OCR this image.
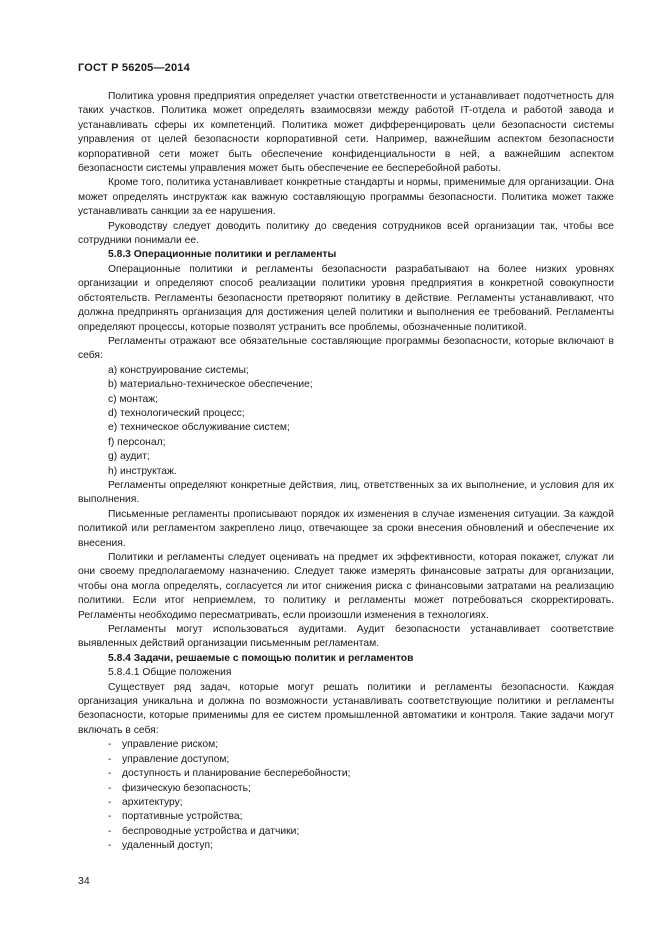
ГОСТ Р 56205—2014

Политика уровня предприятия определяет участки ответственности и устанавливает подотчетность для таких участков. Политика может определять взаимосвязи между работой IT-отдела и работой завода и устанавливать сферы их компетенций. Политика может дифференцировать цели безопасности системы управления от целей безопасности корпоративной сети. Например, важнейшим аспектом безопасности корпоративной сети может быть обеспечение конфиденциальности в ней, а важнейшим аспектом безопасности системы управления может быть обеспечение ее бесперебойной работы.

Кроме того, политика устанавливает конкретные стандарты и нормы, применимые для организации. Она может определять инструктаж как важную составляющую программы безопасности. Политика может также устанавливать санкции за ее нарушения.

Руководству следует доводить политику до сведения сотрудников всей организации так, чтобы все сотрудники понимали ее.

5.8.3 Операционные политики и регламенты

Операционные политики и регламенты безопасности разрабатывают на более низких уровнях организации и определяют способ реализации политики уровня предприятия в конкретной совокупности обстоятельств. Регламенты безопасности претворяют политику в действие. Регламенты устанавливают, что должна предпринять организация для достижения целей политики и выполнения ее требований. Регламенты определяют процессы, которые позволят устранить все проблемы, обозначенные политикой.

Регламенты отражают все обязательные составляющие программы безопасности, которые включают в себя:

a) конструирование системы;

b) материально-техническое обеспечение;

c) монтаж;

d) технологический процесс;

e) техническое обслуживание систем;

f) персонал;

g) аудит;

h) инструктаж.

Регламенты определяют конкретные действия, лиц, ответственных за их выполнение, и условия для их выполнения.

Письменные регламенты прописывают порядок их изменения в случае изменения ситуации. За каждой политикой или регламентом закреплено лицо, отвечающее за сроки внесения обновлений и обеспечение их внесения.

Политики и регламенты следует оценивать на предмет их эффективности, которая покажет, служат ли они своему предполагаемому назначению. Следует также измерять финансовые затраты для организации, чтобы она могла определять, согласуется ли итог снижения риска с финансовыми затратами на реализацию политики. Если итог неприемлем, то политику и регламенты может потребоваться скорректировать. Регламенты необходимо пересматривать, если произошли изменения в технологиях.

Регламенты могут использоваться аудитами. Аудит безопасности устанавливает соответствие выявленных действий организации письменным регламентам.

5.8.4 Задачи, решаемые с помощью политик и регламентов

5.8.4.1 Общие положения

Существует ряд задач, которые могут решать политики и регламенты безопасности. Каждая организация уникальна и должна по возможности устанавливать соответствующие политики и регламенты безопасности, которые применимы для ее систем промышленной автоматики и контроля. Такие задачи могут включать в себя:

- управление риском;

- управление доступом;

- доступность и планирование бесперебойности;

- физическую безопасность;

- архитектуру;

- портативные устройства;

- беспроводные устройства и датчики;

- удаленный доступ;

34
